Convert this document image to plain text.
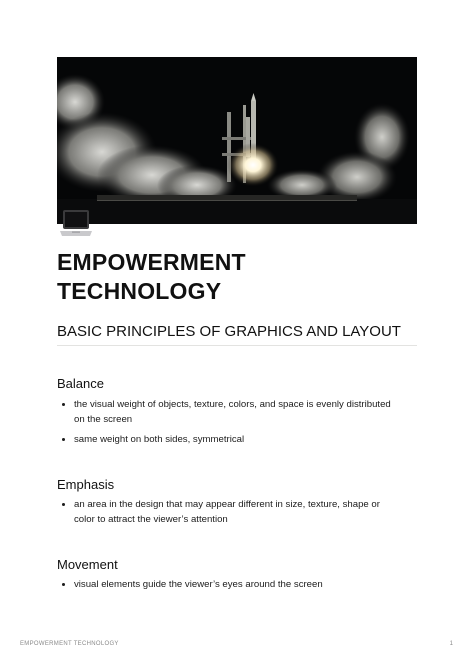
EMPOWERMENT
TECHNOLOGY
BASIC PRINCIPLES OF GRAPHICS AND LAYOUT
Balance
the visual weight of objects, texture, colors, and space is evenly distributed
on the screen
same weight on both sides, symmetrical
Emphasis
an area in the design that may appear different in size, texture, shape or
color to attract the viewer’s attention
Movement
visual elements guide the viewer’s eyes around the screen
EMPOWERMENT TECHNOLOGY	1
